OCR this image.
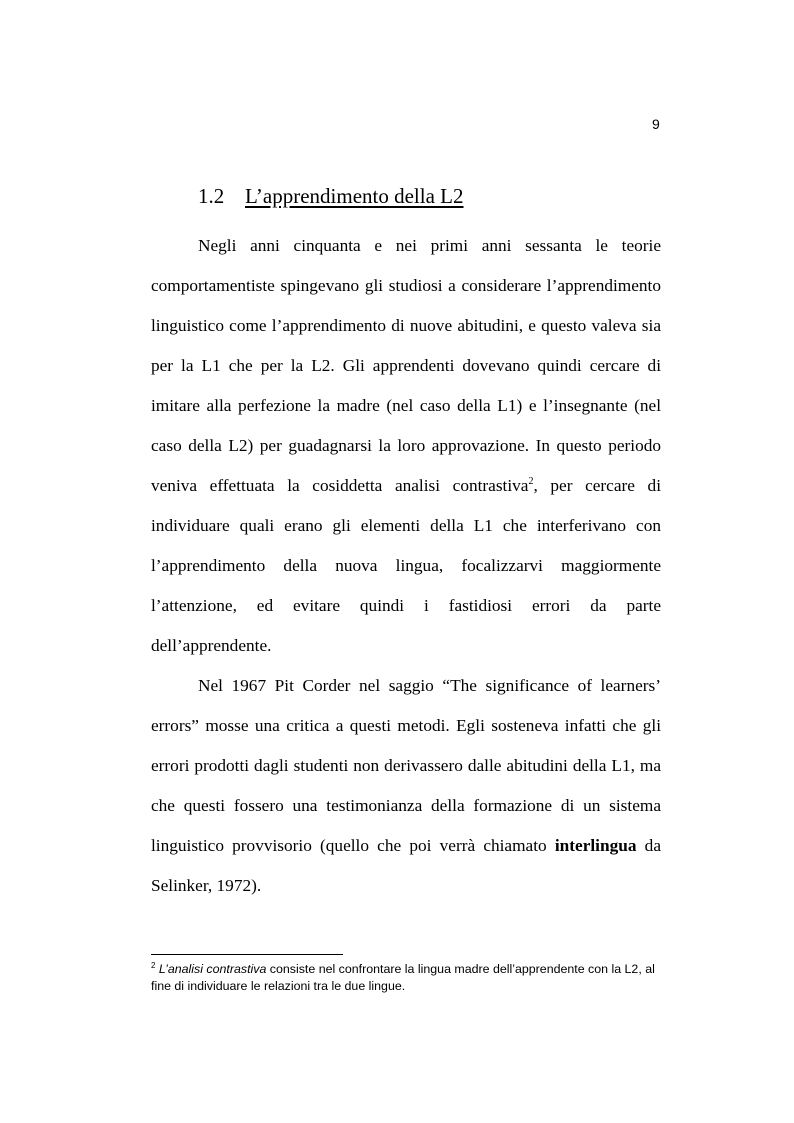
9
1.2 L’apprendimento della L2

Negli anni cinquanta e nei primi anni sessanta le teorie comportamentiste spingevano gli studiosi a considerare l’apprendimento linguistico come l’apprendimento di nuove abitudini, e questo valeva sia per la L1 che per la L2. Gli apprendenti dovevano quindi cercare di imitare alla perfezione la madre (nel caso della L1) e l’insegnante (nel caso della L2) per guadagnarsi la loro approvazione. In questo periodo veniva effettuata la cosiddetta analisi contrastiva$^2$, per cercare di individuare quali erano gli elementi della L1 che interferivano con l’apprendimento della nuova lingua, focalizzarvi maggiormente l’attenzione, ed evitare quindi i fastidiosi errori da parte dell’apprendente.

Nel 1967 Pit Corder nel saggio “The significance of learners’ errors” mosse una critica a questi metodi. Egli sosteneva infatti che gli errori prodotti dagli studenti non derivassero dalle abitudini della L1, ma che questi fossero una testimonianza della formazione di un sistema linguistico provvisorio (quello che poi verrà chiamato interlingua da Selinker, 1972).

$^2$ L’analisi contrastiva consiste nel confrontare la lingua madre dell’apprendente con la L2, al fine di individuare le relazioni tra le due lingue.
